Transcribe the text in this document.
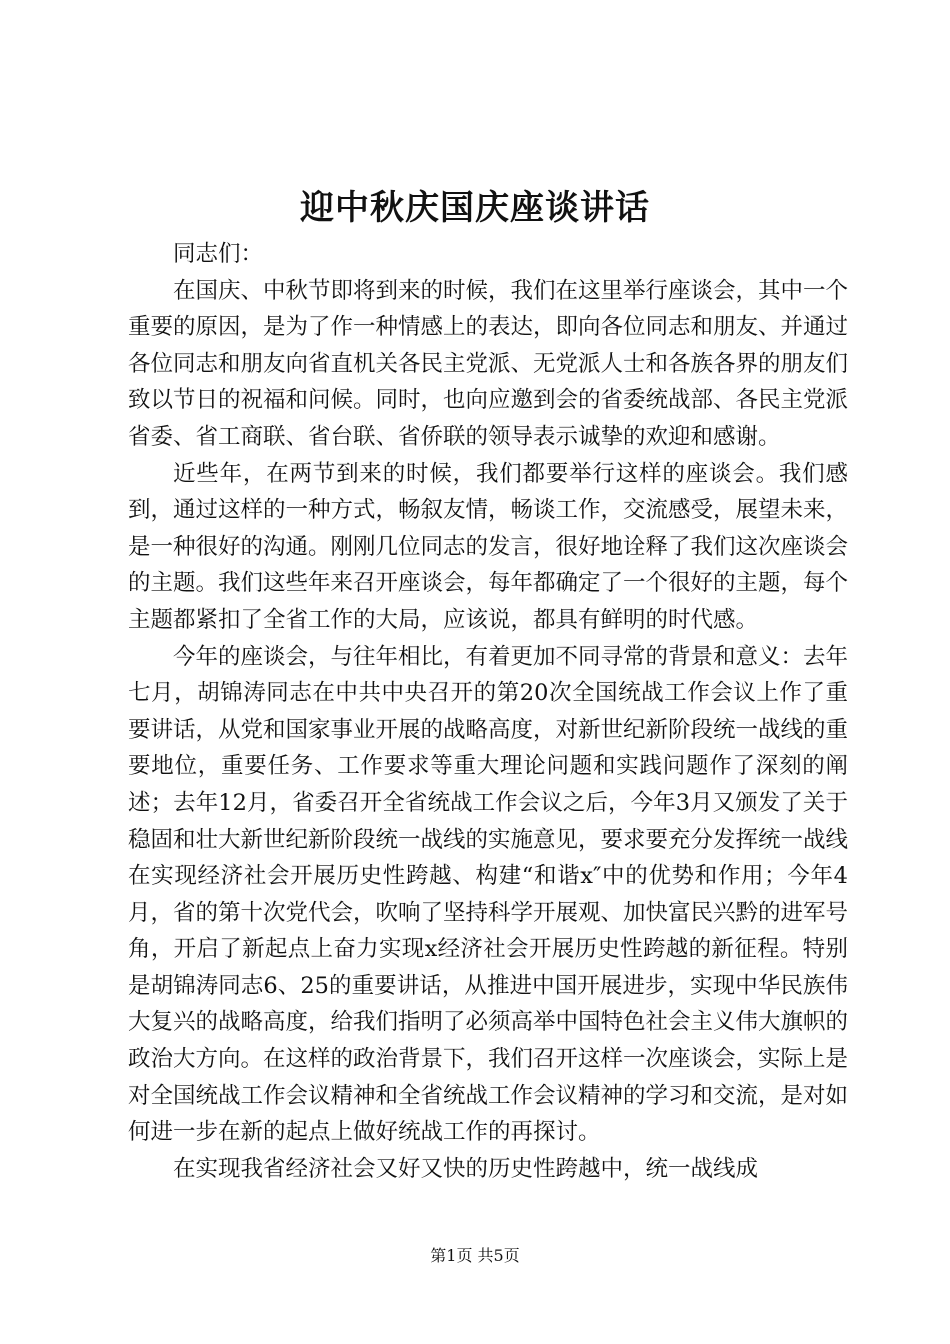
迎中秋庆国庆座谈讲话
同志们：

在国庆、中秋节即将到来的时候，我们在这里举行座谈会，其中一个重要的原因，是为了作一种情感上的表达，即向各位同志和朋友、并通过各位同志和朋友向省直机关各民主党派、无党派人士和各族各界的朋友们致以节日的祝福和问候。同时，也向应邀到会的省委统战部、各民主党派省委、省工商联、省台联、省侨联的领导表示诚挚的欢迎和感谢。

近些年，在两节到来的时候，我们都要举行这样的座谈会。我们感到，通过这样的一种方式，畅叙友情，畅谈工作，交流感受，展望未来，是一种很好的沟通。刚刚几位同志的发言，很好地诠释了我们这次座谈会的主题。我们这些年来召开座谈会，每年都确定了一个很好的主题，每个主题都紧扣了全省工作的大局，应该说，都具有鲜明的时代感。

今年的座谈会，与往年相比，有着更加不同寻常的背景和意义：去年七月，胡锦涛同志在中共中央召开的第20次全国统战工作会议上作了重要讲话，从党和国家事业开展的战略高度，对新世纪新阶段统一战线的重要地位，重要任务、工作要求等重大理论问题和实践问题作了深刻的阐述；去年12月，省委召开全省统战工作会议之后，今年3月又颁发了关于稳固和壮大新世纪新阶段统一战线的实施意见，要求要充分发挥统一战线在实现经济社会开展历史性跨越、构建“和谐x″中的优势和作用；今年4月，省的第十次党代会，吹响了坚持科学开展观、加快富民兴黔的进军号角，开启了新起点上奋力实现x经济社会开展历史性跨越的新征程。特别是胡锦涛同志6、25的重要讲话，从推进中国开展进步，实现中华民族伟大复兴的战略高度，给我们指明了必须高举中国特色社会主义伟大旗帜的政治大方向。在这样的政治背景下，我们召开这样一次座谈会，实际上是对全国统战工作会议精神和全省统战工作会议精神的学习和交流，是对如何进一步在新的起点上做好统战工作的再探讨。

在实现我省经济社会又好又快的历史性跨越中，统一战线成

第1页 共5页
